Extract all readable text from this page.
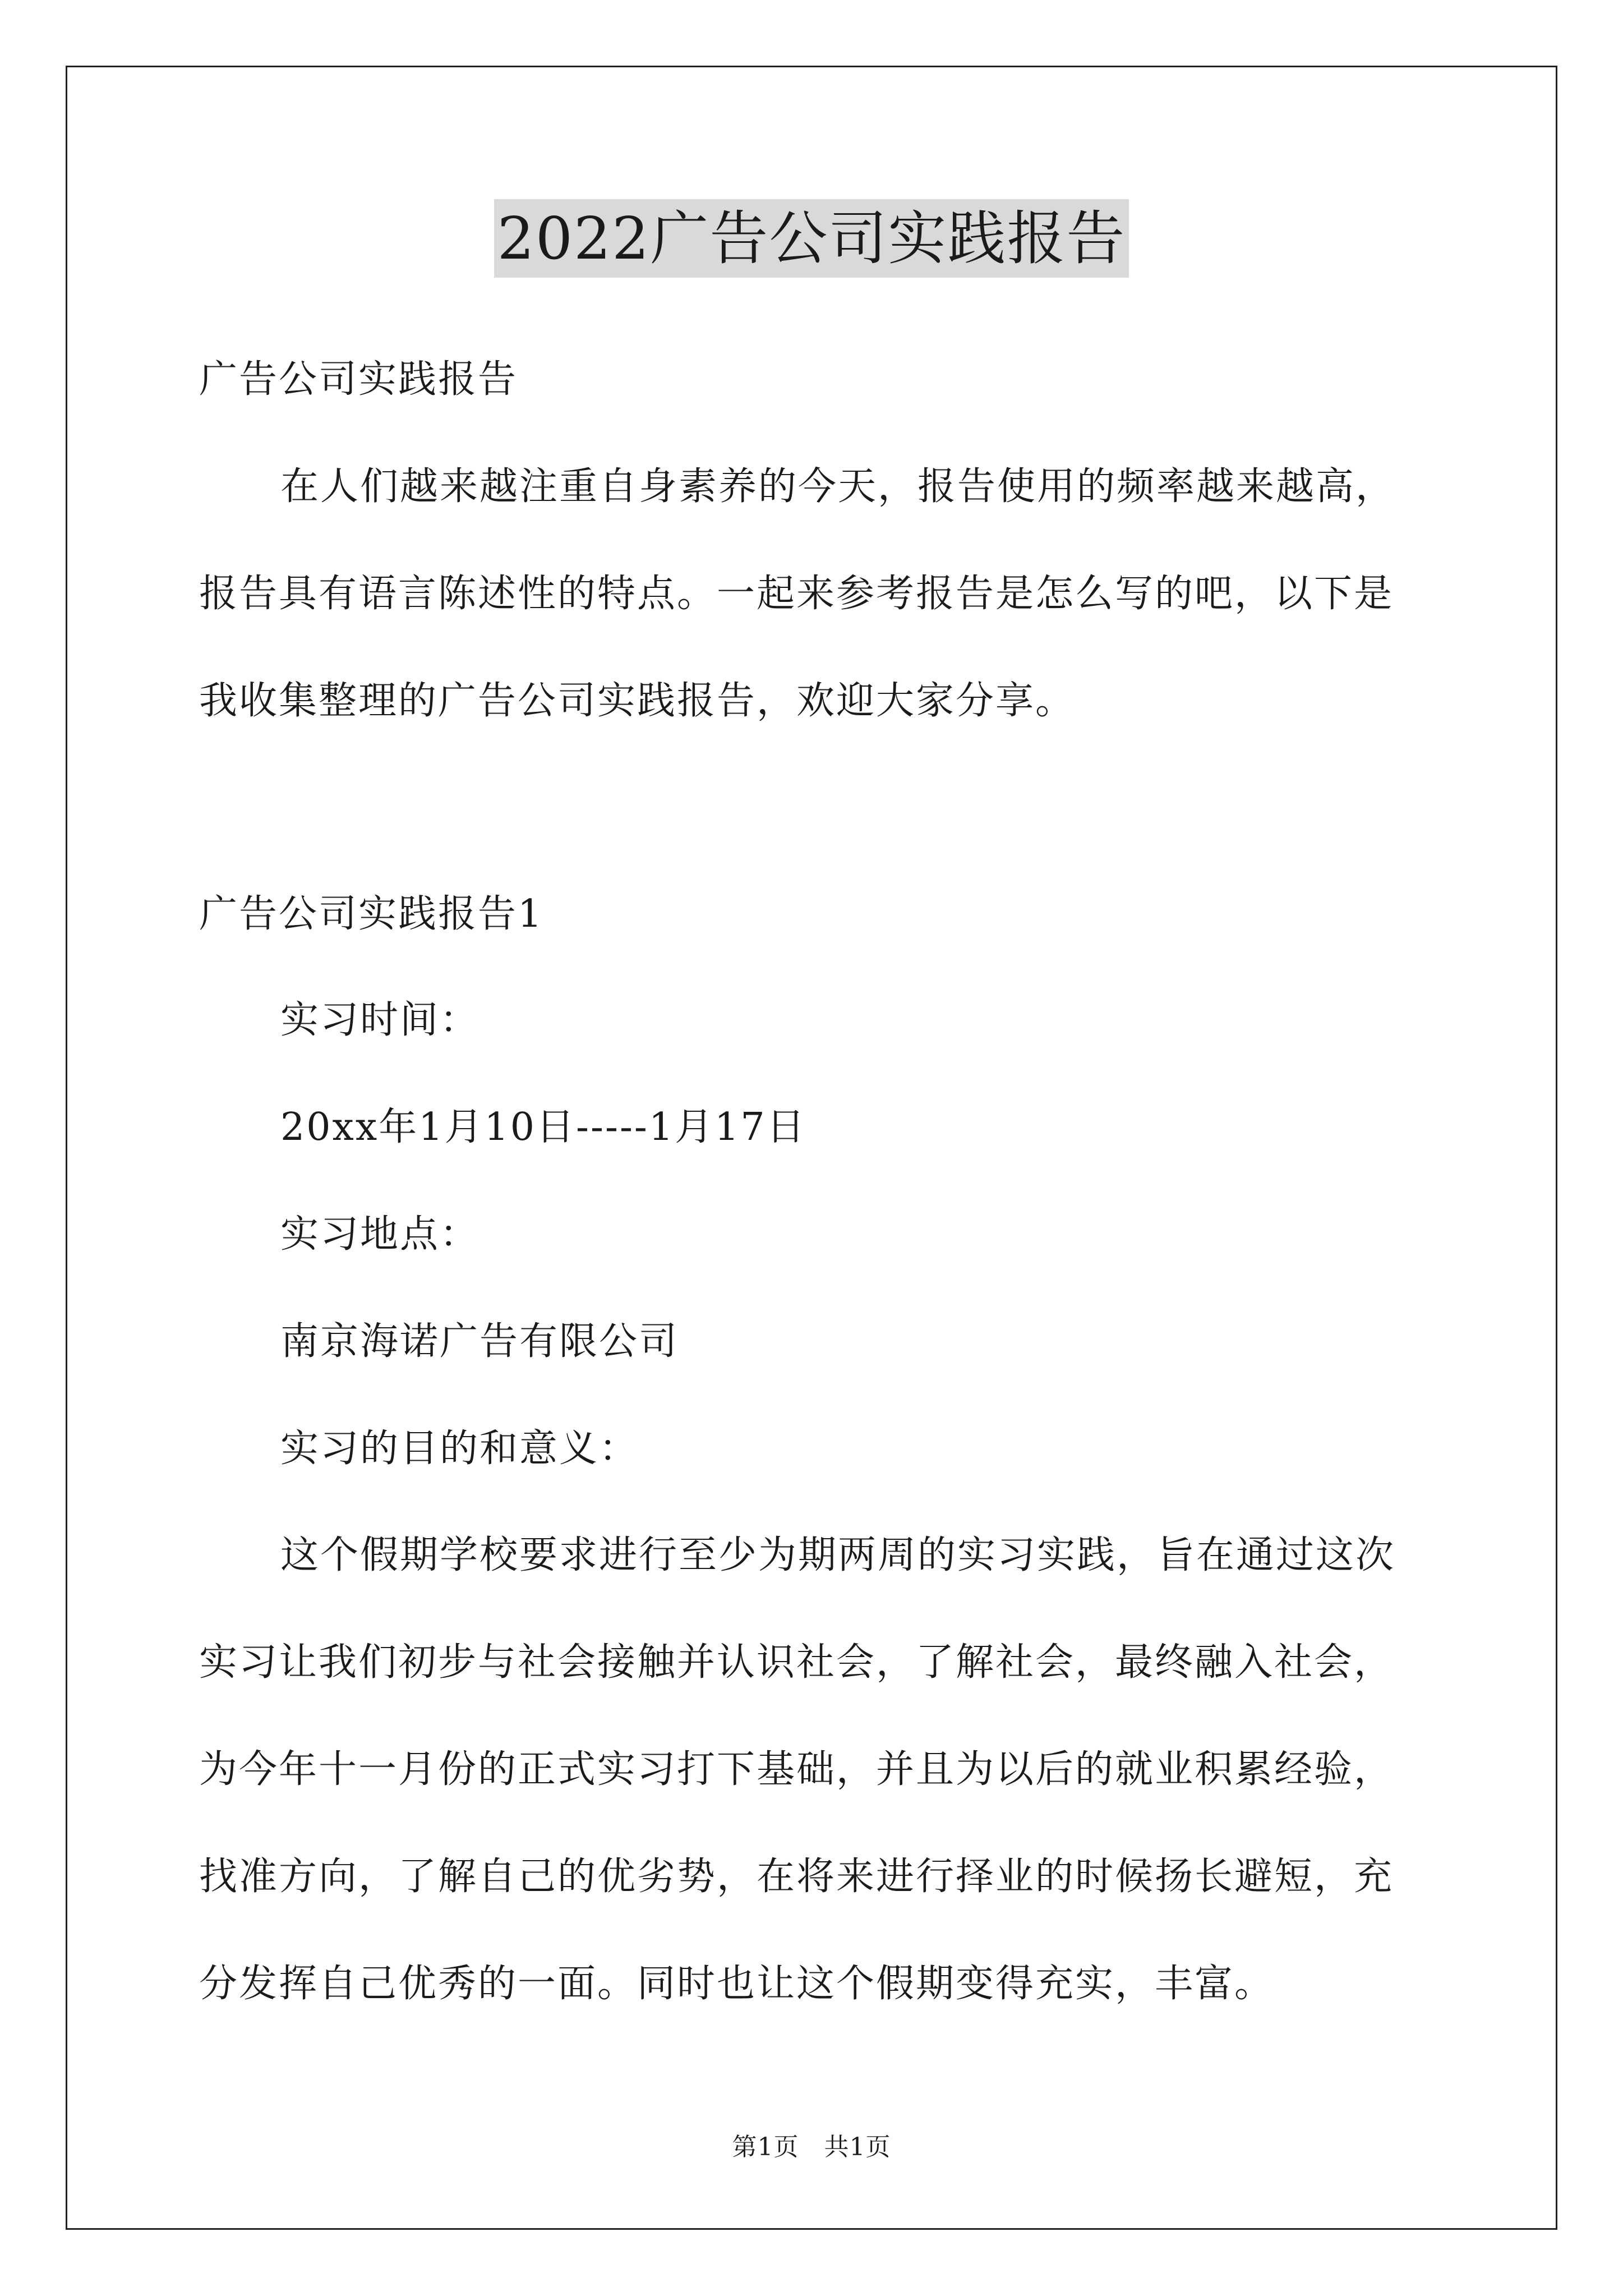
2022广告公司实践报告
广告公司实践报告
在人们越来越注重自身素养的今天，报告使用的频率越来越高，
报告具有语言陈述性的特点。一起来参考报告是怎么写的吧，以下是
我收集整理的广告公司实践报告，欢迎大家分享。
广告公司实践报告1
实习时间：
20xx年1月10日-----1月17日
实习地点：
南京海诺广告有限公司
实习的目的和意义：
这个假期学校要求进行至少为期两周的实习实践，旨在通过这次
实习让我们初步与社会接触并认识社会，了解社会，最终融入社会，
为今年十一月份的正式实习打下基础，并且为以后的就业积累经验，
找准方向，了解自己的优劣势，在将来进行择业的时候扬长避短，充
分发挥自己优秀的一面。同时也让这个假期变得充实，丰富。
第1页　共1页
